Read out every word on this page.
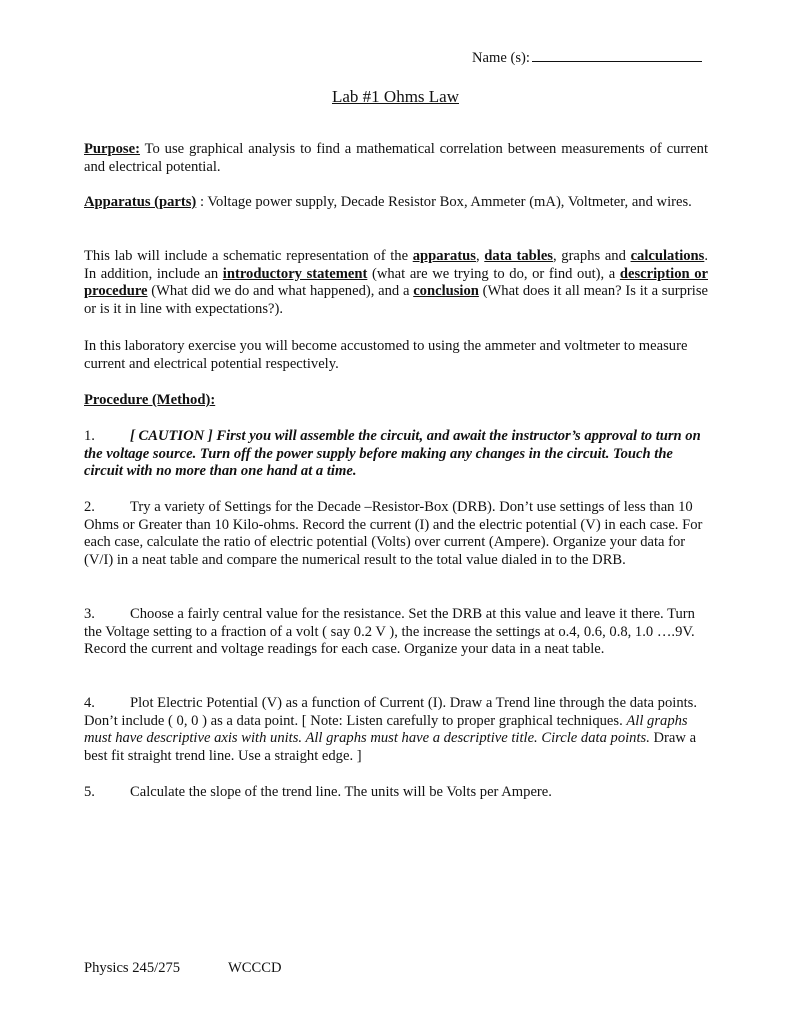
Name (s):
Lab #1 Ohms Law

Purpose: To use graphical analysis to find a mathematical correlation between measurements of current and electrical potential.

Apparatus (parts) : Voltage power supply, Decade Resistor Box, Ammeter (mA), Voltmeter, and wires.

This lab will include a schematic representation of the apparatus, data tables, graphs and calculations. In addition, include an introductory statement (what are we trying to do, or find out), a description or procedure (What did we do and what happened), and a conclusion (What does it all mean? Is it a surprise or is it in line with expectations?).

In this laboratory exercise you will become accustomed to using the ammeter and voltmeter to measure current and electrical potential respectively.

Procedure (Method):

1. [ CAUTION ] First you will assemble the circuit, and await the instructor’s approval to turn on the voltage source. Turn off the power supply before making any changes in the circuit. Touch the circuit with no more than one hand at a time.

2. Try a variety of Settings for the Decade –Resistor-Box (DRB). Don’t use settings of less than 10 Ohms or Greater than 10 Kilo-ohms. Record the current (I) and the electric potential (V) in each case. For each case, calculate the ratio of electric potential (Volts) over current (Ampere). Organize your data for (V/I) in a neat table and compare the numerical result to the total value dialed in to the DRB.

3. Choose a fairly central value for the resistance. Set the DRB at this value and leave it there. Turn the Voltage setting to a fraction of a volt ( say 0.2 V ), the increase the settings at o.4, 0.6, 0.8, 1.0 ….9V. Record the current and voltage readings for each case. Organize your data in a neat table.

4. Plot Electric Potential (V) as a function of Current (I). Draw a Trend line through the data points. Don’t include ( 0, 0 ) as a data point. [ Note: Listen carefully to proper graphical techniques. All graphs must have descriptive axis with units. All graphs must have a descriptive title. Circle data points. Draw a best fit straight trend line. Use a straight edge. ]

5. Calculate the slope of the trend line. The units will be Volts per Ampere.

Physics 245/275	WCCCD
